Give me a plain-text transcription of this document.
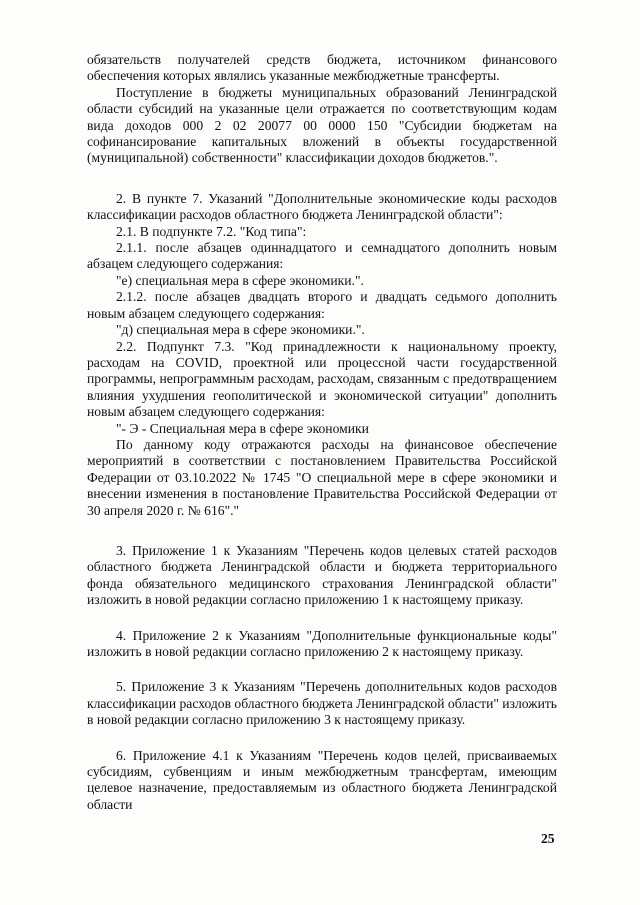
обязательств получателей средств бюджета, источником финансового обеспечения которых являлись указанные межбюджетные трансферты.

Поступление в бюджеты муниципальных образований Ленинградской области субсидий на указанные цели отражается по соответствующим кодам вида доходов 000 2 02 20077 00 0000 150 "Субсидии бюджетам на софинансирование капитальных вложений в объекты государственной (муниципальной) собственности" классификации доходов бюджетов.".

2. В пункте 7. Указаний "Дополнительные экономические коды расходов классификации расходов областного бюджета Ленинградской области":

2.1. В подпункте 7.2. "Код типа":

2.1.1. после абзацев одиннадцатого и семнадцатого дополнить новым абзацем следующего содержания:

"е) специальная мера в сфере экономики.".

2.1.2. после абзацев двадцать второго и двадцать седьмого дополнить новым абзацем следующего содержания:

"д) специальная мера в сфере экономики.".

2.2. Подпункт 7.3. "Код принадлежности к национальному проекту, расходам на COVID, проектной или процессной части государственной программы, непрограммным расходам, расходам, связанным с предотвращением влияния ухудшения геополитической и экономической ситуации" дополнить новым абзацем следующего содержания:

"- Э - Специальная мера в сфере экономики

По данному коду отражаются расходы на финансовое обеспечение мероприятий в соответствии с постановлением Правительства Российской Федерации от 03.10.2022 № 1745 "О специальной мере в сфере экономики и внесении изменения в постановление Правительства Российской Федерации от 30 апреля 2020 г. № 616"."

3. Приложение 1 к Указаниям "Перечень кодов целевых статей расходов областного бюджета Ленинградской области и бюджета территориального фонда обязательного медицинского страхования Ленинградской области" изложить в новой редакции согласно приложению 1 к настоящему приказу.

4. Приложение 2 к Указаниям "Дополнительные функциональные коды" изложить в новой редакции согласно приложению 2 к настоящему приказу.

5. Приложение 3 к Указаниям "Перечень дополнительных кодов расходов классификации расходов областного бюджета Ленинградской области" изложить в новой редакции согласно приложению 3 к настоящему приказу.

6. Приложение 4.1 к Указаниям "Перечень кодов целей, присваиваемых субсидиям, субвенциям и иным межбюджетным трансфертам, имеющим целевое назначение, предоставляемым из областного бюджета Ленинградской области

25
